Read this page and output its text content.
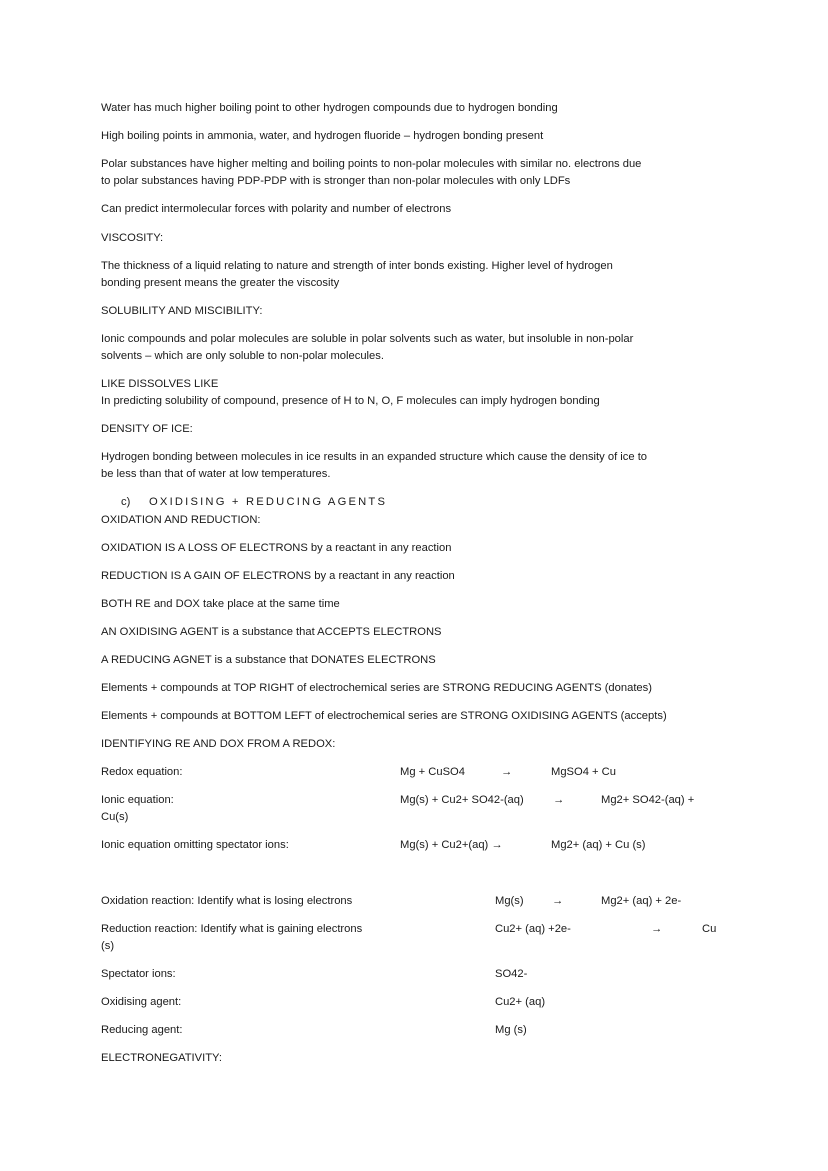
Water has much higher boiling point to other hydrogen compounds due to hydrogen bonding
High boiling points in ammonia, water, and hydrogen fluoride – hydrogen bonding present
Polar substances have higher melting and boiling points to non-polar molecules with similar no. electrons due
to polar substances having PDP-PDP with is stronger than non-polar molecules with only LDFs
Can predict intermolecular forces with polarity and number of electrons
VISCOSITY:
The thickness of a liquid relating to nature and strength of inter bonds existing. Higher level of hydrogen
bonding present means the greater the viscosity
SOLUBILITY AND MISCIBILITY:
Ionic compounds and polar molecules are soluble in polar solvents such as water, but insoluble in non-polar
solvents – which are only soluble to non-polar molecules.
LIKE DISSOLVES LIKE
In predicting solubility of compound, presence of H to N, O, F molecules can imply hydrogen bonding
DENSITY OF ICE:
Hydrogen bonding between molecules in ice results in an expanded structure which cause the density of ice to
be less than that of water at low temperatures.
c) OXIDISING + REDUCING AGENTS
OXIDATION AND REDUCTION:
OXIDATION IS A LOSS OF ELECTRONS by a reactant in any reaction
REDUCTION IS A GAIN OF ELECTRONS by a reactant in any reaction
BOTH RE and DOX take place at the same time
AN OXIDISING AGENT is a substance that ACCEPTS ELECTRONS
A REDUCING AGNET is a substance that DONATES ELECTRONS
Elements + compounds at TOP RIGHT of electrochemical series are STRONG REDUCING AGENTS (donates)
Elements + compounds at BOTTOM LEFT of electrochemical series are STRONG OXIDISING AGENTS (accepts)
IDENTIFYING RE AND DOX FROM A REDOX:
Redox equation:	Mg + CuSO4	→	MgSO4 + Cu
Ionic equation:	Mg(s) + Cu2+ SO42-(aq)	→	Mg2+ SO42-(aq) +
Cu(s)
Ionic equation omitting spectator ions:	Mg(s) + Cu2+(aq) →	Mg2+ (aq) + Cu (s)
Oxidation reaction: Identify what is losing electrons	Mg(s)	→	Mg2+ (aq) + 2e-
Reduction reaction: Identify what is gaining electrons	Cu2+ (aq) +2e-	→	Cu
(s)
Spectator ions:	SO42-
Oxidising agent:	Cu2+ (aq)
Reducing agent:	Mg (s)
ELECTRONEGATIVITY:
